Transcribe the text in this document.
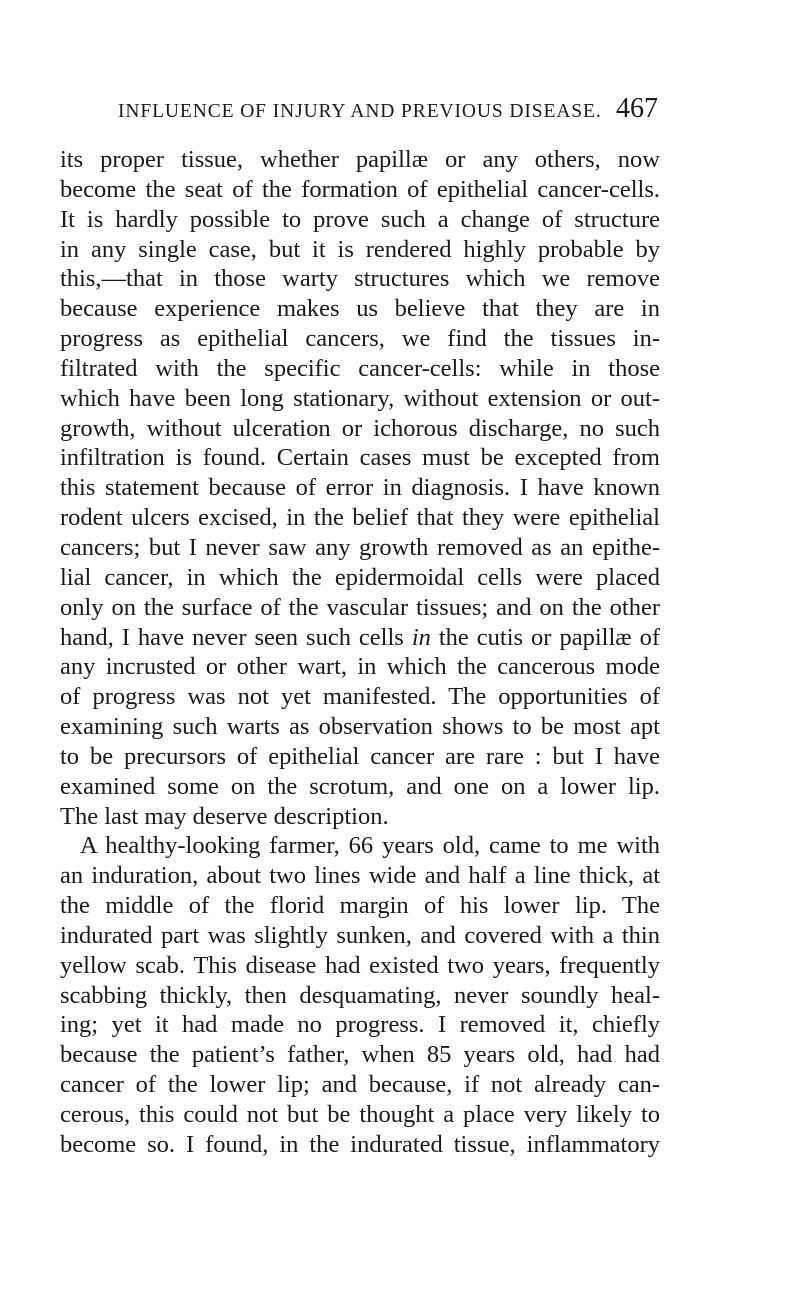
INFLUENCE OF INJURY AND PREVIOUS DISEASE. 467
its proper tissue, whether papillæ or any others, now
become the seat of the formation of epithelial cancer-cells.
It is hardly possible to prove such a change of structure
in any single case, but it is rendered highly probable by
this,—that in those warty structures which we remove
because experience makes us believe that they are in
progress as epithelial cancers, we find the tissues in-
filtrated with the specific cancer-cells: while in those
which have been long stationary, without extension or out-
growth, without ulceration or ichorous discharge, no such
infiltration is found. Certain cases must be excepted from
this statement because of error in diagnosis. I have known
rodent ulcers excised, in the belief that they were epithelial
cancers; but I never saw any growth removed as an epithe-
lial cancer, in which the epidermoidal cells were placed
only on the surface of the vascular tissues; and on the other
hand, I have never seen such cells in the cutis or papillæ of
any incrusted or other wart, in which the cancerous mode
of progress was not yet manifested. The opportunities of
examining such warts as observation shows to be most apt
to be precursors of epithelial cancer are rare : but I have
examined some on the scrotum, and one on a lower lip.
The last may deserve description.
A healthy-looking farmer, 66 years old, came to me with
an induration, about two lines wide and half a line thick, at
the middle of the florid margin of his lower lip. The
indurated part was slightly sunken, and covered with a thin
yellow scab. This disease had existed two years, frequently
scabbing thickly, then desquamating, never soundly heal-
ing; yet it had made no progress. I removed it, chiefly
because the patient’s father, when 85 years old, had had
cancer of the lower lip; and because, if not already can-
cerous, this could not but be thought a place very likely to
become so. I found, in the indurated tissue, inflammatory
